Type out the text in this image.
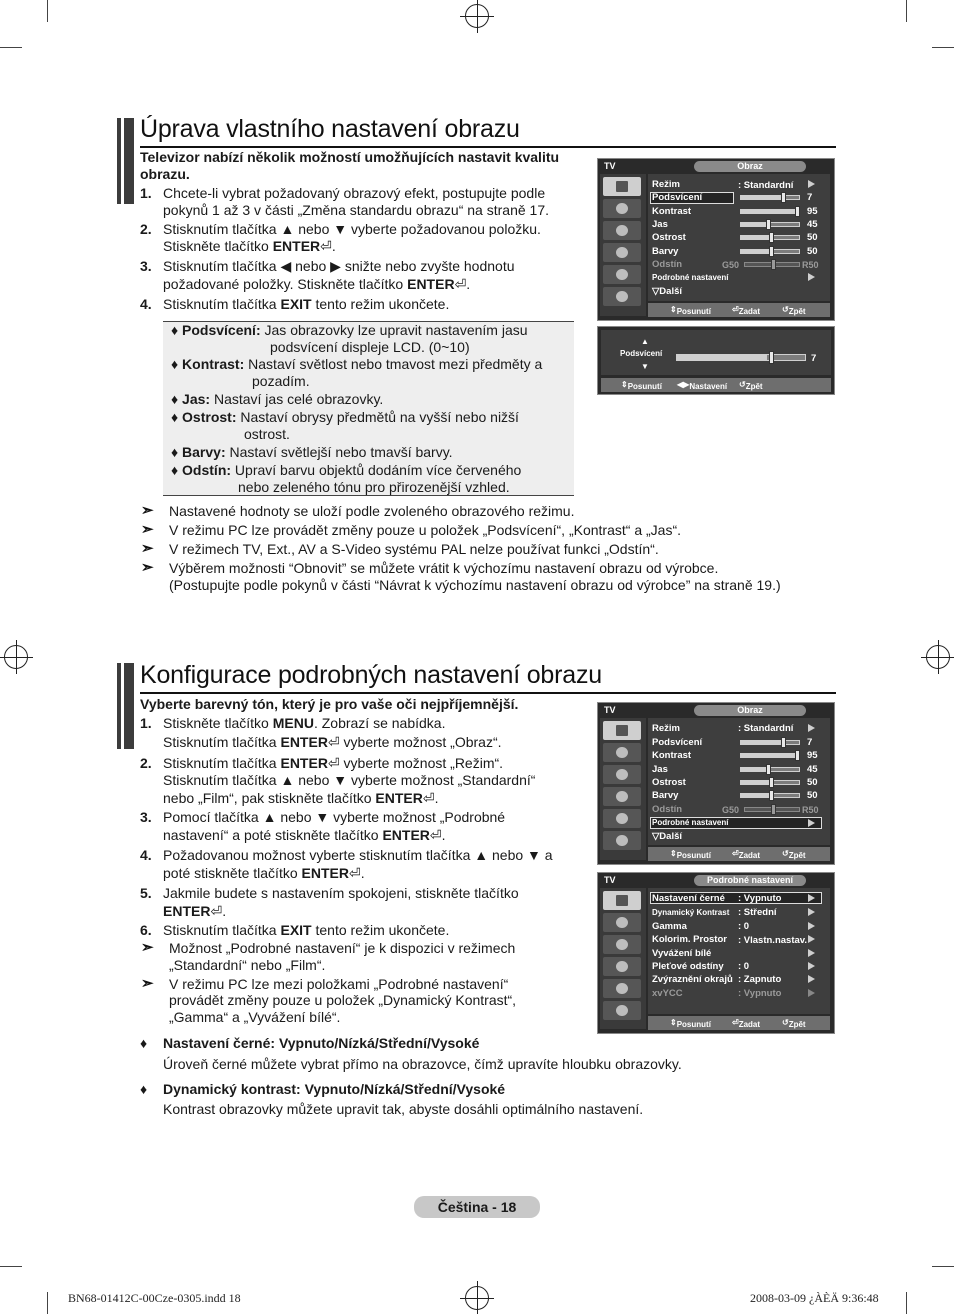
Úprava vlastního nastavení obrazu
Televizor nabízí několik možností umožňujících nastavit kvalitu
obrazu.
1. Chcete-li vybrat požadovaný obrazový efekt, postupujte podle
pokynů 1 až 3 v části „Změna standardu obrazu“ na straně 17.
2. Stisknutím tlačítka ▲ nebo ▼ vyberte požadovanou položku.
Stiskněte tlačítko ENTER⏎.
3. Stisknutím tlačítka ◀ nebo ▶ snižte nebo zvyšte hodnotu
požadované položky. Stiskněte tlačítko ENTER⏎.
4. Stisknutím tlačítka EXIT tento režim ukončete.
♦ Podsvícení: Jas obrazovky lze upravit nastavením jasu
podsvícení displeje LCD. (0~10)
♦ Kontrast: Nastaví světlost nebo tmavost mezi předměty a
pozadím.
♦ Jas: Nastaví jas celé obrazovky.
♦ Ostrost: Nastaví obrysy předmětů na vyšší nebo nižší
ostrost.
♦ Barvy: Nastaví světlejší nebo tmavší barvy.
♦ Odstín: Upraví barvu objektů dodáním více červeného
nebo zeleného tónu pro přirozenější vzhled.
➣ Nastavené hodnoty se uloží podle zvoleného obrazového režimu.
➣ V režimu PC lze provádět změny pouze u položek „Podsvícení“, „Kontrast“ a „Jas“.
➣ V režimech TV, Ext., AV a S-Video systému PAL nelze používat funkci „Odstín“.
➣ Výběrem možnosti “Obnovit” se můžete vrátit k výchozímu nastavení obrazu od výrobce.
(Postupujte podle pokynů v části “Návrat k výchozímu nastavení obrazu od výrobce” na straně 19.)
TV	Obraz
Režim	: Standardní
Podsvícení	7
Kontrast	95
Jas	45
Ostrost	50
Barvy	50
Odstín	G50	R50
Podrobné nastavení
▽Další
⇕ Posunutí	⏎ Zadat	↺ Zpět
▲
Podsvícení
▼
7
⇕ Posunutí ◀▶ Nastavení ↺ Zpět
Konfigurace podrobných nastavení obrazu
Vyberte barevný tón, který je pro vaše oči nejpříjemnější.
1. Stiskněte tlačítko MENU. Zobrazí se nabídka.
Stisknutím tlačítka ENTER⏎ vyberte možnost „Obraz“.
2. Stisknutím tlačítka ENTER⏎ vyberte možnost „Režim“.
Stisknutím tlačítka ▲ nebo ▼ vyberte možnost „Standardní“
nebo „Film“, pak stiskněte tlačítko ENTER⏎.
3. Pomocí tlačítka ▲ nebo ▼ vyberte možnost „Podrobné
nastavení“ a poté stiskněte tlačítko ENTER⏎.
4. Požadovanou možnost vyberte stisknutím tlačítka ▲ nebo ▼ a
poté stiskněte tlačítko ENTER⏎.
5. Jakmile budete s nastavením spokojeni, stiskněte tlačítko
ENTER⏎.
6. Stisknutím tlačítka EXIT tento režim ukončete.
➣ Možnost „Podrobné nastavení“ je k dispozici v režimech
„Standardní“ nebo „Film“.
➣ V režimu PC lze mezi položkami „Podrobné nastavení“
provádět změny pouze u položek „Dynamický Kontrast“,
„Gamma“ a „Vyvážení bílé“.
♦ Nastavení černé: Vypnuto/Nízká/Střední/Vysoké
Úroveň černé můžete vybrat přímo na obrazovce, čímž upravíte hloubku obrazovky.
♦ Dynamický kontrast: Vypnuto/Nízká/Střední/Vysoké
Kontrast obrazovky můžete upravit tak, abyste dosáhli optimálního nastavení.
TV	Obraz
Režim	: Standardní
Podsvícení	7
Kontrast	95
Jas	45
Ostrost	50
Barvy	50
Odstín	G50	R50
Podrobné nastavení
▽Další
⇕ Posunutí	⏎ Zadat	↺ Zpět
TV	Podrobné nastavení
Nastavení černé : Vypnuto
Dynamický Kontrast : Střední
Gamma	: 0
Kolorim. Prostor : Vlastn.nastav.
Vyvážení bílé
Pleťové odstíny : 0
Zvýraznění okrajů : Zapnuto
xvYCC	: Vypnuto
⇕ Posunutí	⏎ Zadat	↺ Zpět
Čeština - 18
BN68-01412C-00Cze-0305.indd 18	2008-03-09 ¿ÀÈÄ 9:36:48
